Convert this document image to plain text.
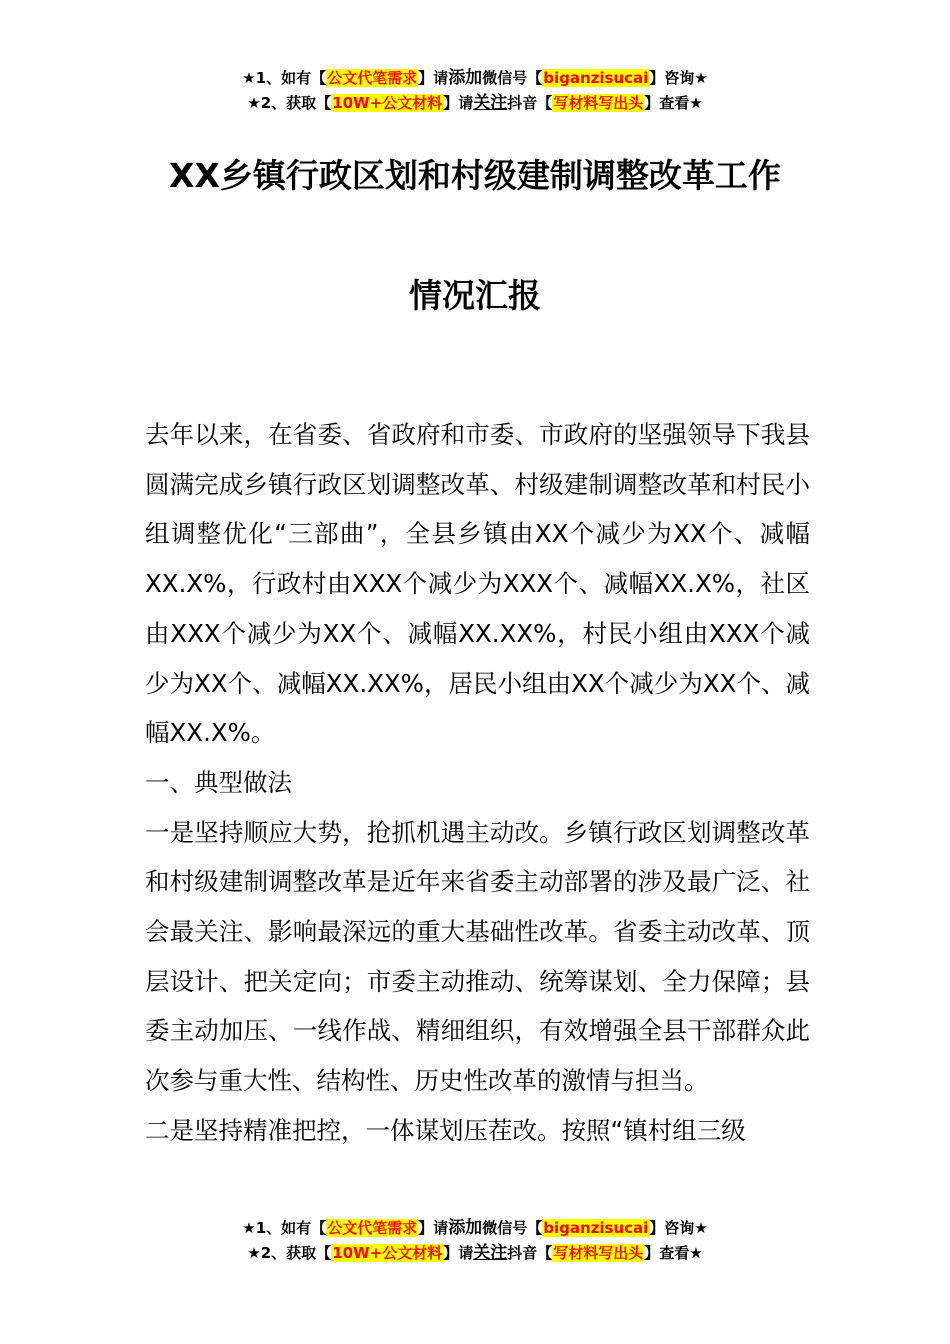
★1、如有【公文代笔需求】请添加微信号【biganzisucai】咨询★
★2、获取【10W+公文材料】请关注抖音【写材料写出头】查看★
XX乡镇行政区划和村级建制调整改革工作
情况汇报

去年以来，在省委、省政府和市委、市政府的坚强领导下我县圆满完成乡镇行政区划调整改革、村级建制调整改革和村民小组调整优化“三部曲”，全县乡镇由XX个减少为XX个、减幅XX.X%，行政村由XXX个减少为XXX个、减幅XX.X%，社区由XXX个减少为XX个、减幅XX.XX%，村民小组由XXX个减少为XX个、减幅XX.XX%，居民小组由XX个减少为XX个、减幅XX.X%。

一、典型做法

一是坚持顺应大势，抢抓机遇主动改。乡镇行政区划调整改革和村级建制调整改革是近年来省委主动部署的涉及最广泛、社会最关注、影响最深远的重大基础性改革。省委主动改革、顶层设计、把关定向；市委主动推动、统筹谋划、全力保障；县委主动加压、一线作战、精细组织，有效增强全县干部群众此次参与重大性、结构性、历史性改革的激情与担当。

二是坚持精准把控，一体谋划压茬改。按照“镇村组三级

★1、如有【公文代笔需求】请添加微信号【biganzisucai】咨询★
★2、获取【10W+公文材料】请关注抖音【写材料写出头】查看★
